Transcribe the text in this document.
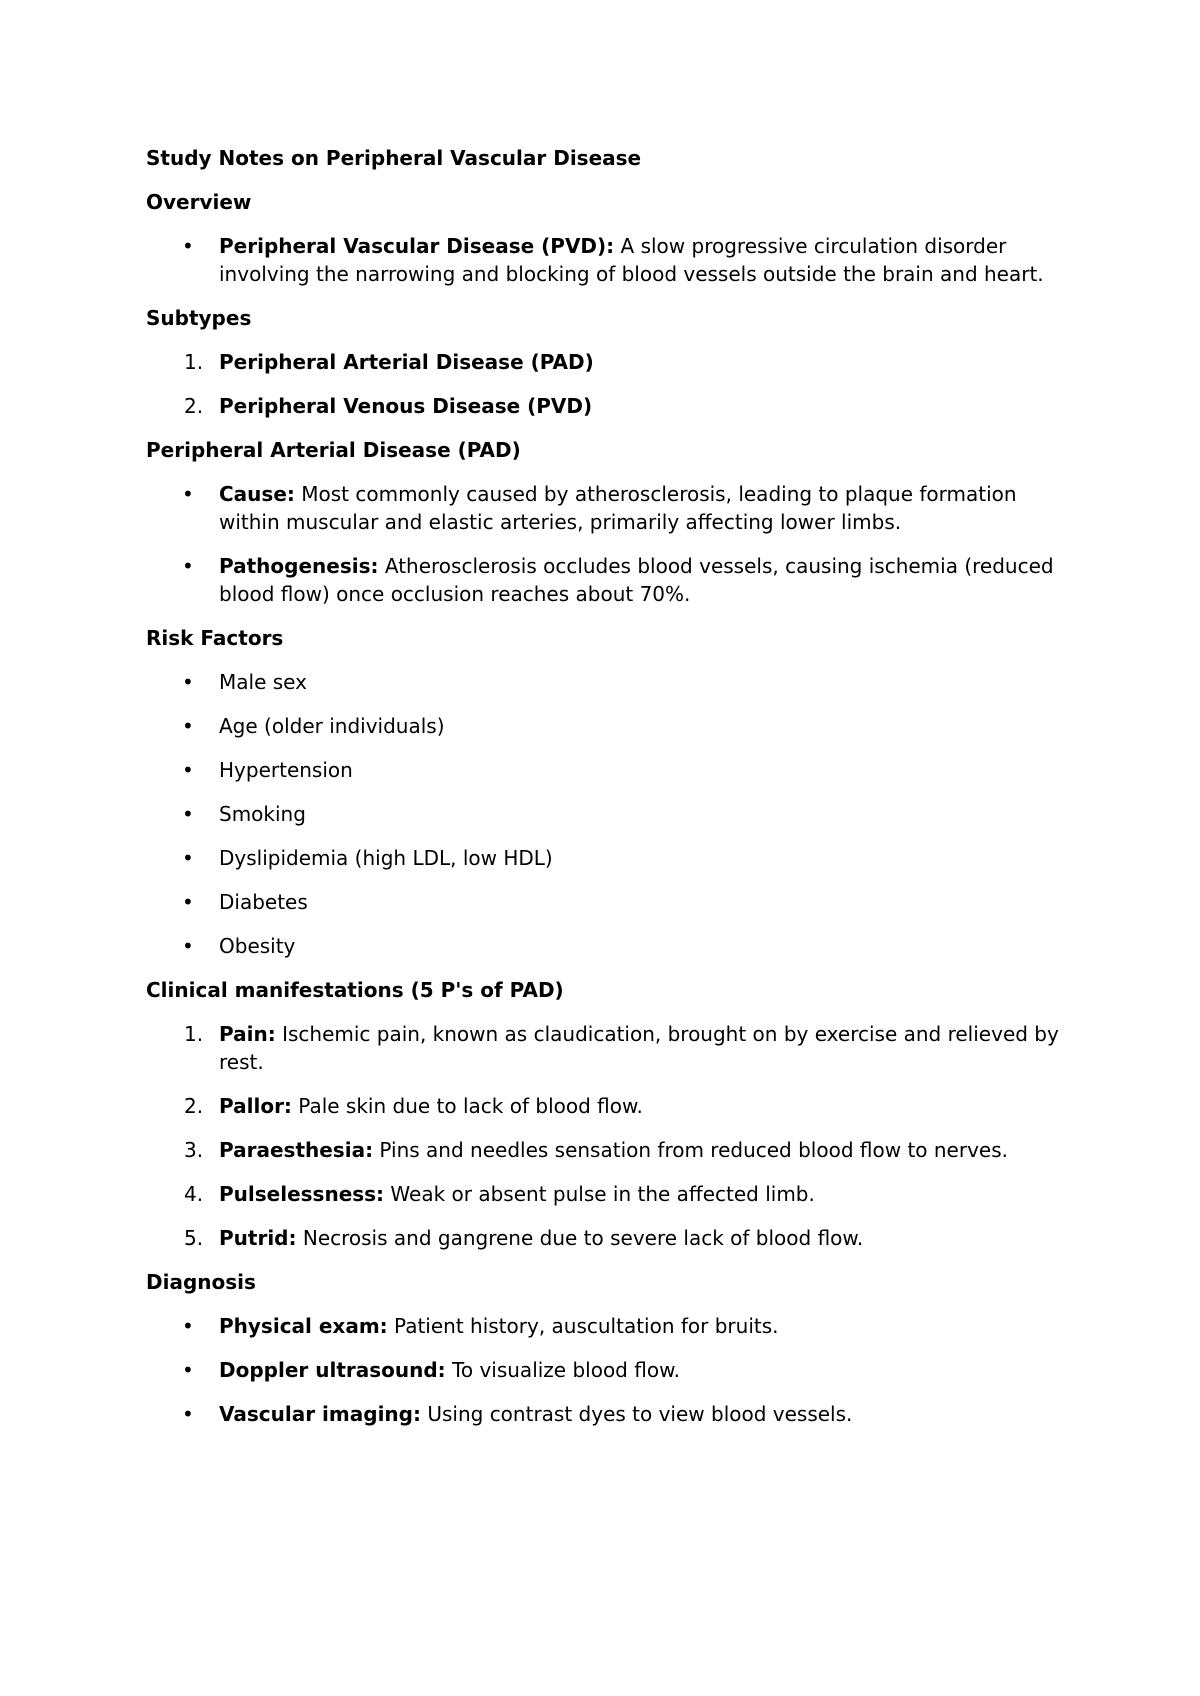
Study Notes on Peripheral Vascular Disease
Overview
• Peripheral Vascular Disease (PVD): A slow progressive circulation disorder involving the narrowing and blocking of blood vessels outside the brain and heart.
Subtypes
1. Peripheral Arterial Disease (PAD)
2. Peripheral Venous Disease (PVD)
Peripheral Arterial Disease (PAD)
• Cause: Most commonly caused by atherosclerosis, leading to plaque formation within muscular and elastic arteries, primarily affecting lower limbs.
• Pathogenesis: Atherosclerosis occludes blood vessels, causing ischemia (reduced blood flow) once occlusion reaches about 70%.
Risk Factors
• Male sex
• Age (older individuals)
• Hypertension
• Smoking
• Dyslipidemia (high LDL, low HDL)
• Diabetes
• Obesity
Clinical manifestations (5 P's of PAD)
1. Pain: Ischemic pain, known as claudication, brought on by exercise and relieved by rest.
2. Pallor: Pale skin due to lack of blood flow.
3. Paraesthesia: Pins and needles sensation from reduced blood flow to nerves.
4. Pulselessness: Weak or absent pulse in the affected limb.
5. Putrid: Necrosis and gangrene due to severe lack of blood flow.
Diagnosis
• Physical exam: Patient history, auscultation for bruits.
• Doppler ultrasound: To visualize blood flow.
• Vascular imaging: Using contrast dyes to view blood vessels.
